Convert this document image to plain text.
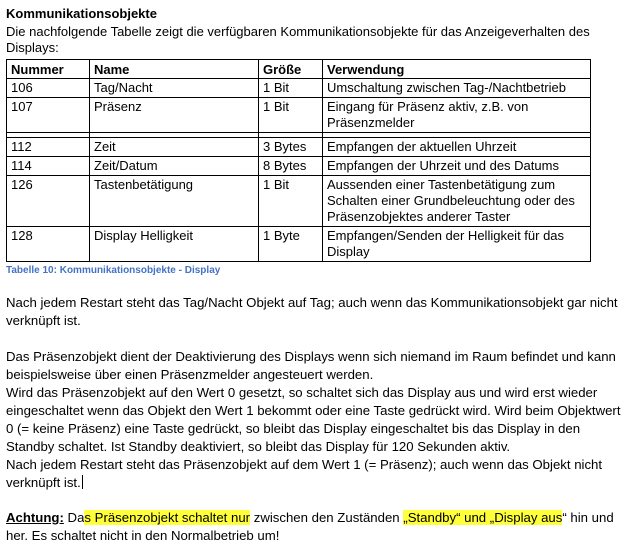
Kommunikationsobjekte
Die nachfolgende Tabelle zeigt die verfügbaren Kommunikationsobjekte für das Anzeigeverhalten des Displays:
Nummer	Name	Größe	Verwendung
106	Tag/Nacht	1 Bit	Umschaltung zwischen Tag-/Nachtbetrieb
107	Präsenz	1 Bit	Eingang für Präsenz aktiv, z.B. von Präsenzmelder

112	Zeit	3 Bytes	Empfangen der aktuellen Uhrzeit
114	Zeit/Datum	8 Bytes	Empfangen der Uhrzeit und des Datums
126	Tastenbetätigung	1 Bit	Aussenden einer Tastenbetätigung zum Schalten einer Grundbeleuchtung oder des Präsenzobjektes anderer Taster
128	Display Helligkeit	1 Byte	Empfangen/Senden der Helligkeit für das Display
Tabelle 10: Kommunikationsobjekte - Display

Nach jedem Restart steht das Tag/Nacht Objekt auf Tag; auch wenn das Kommunikationsobjekt gar nicht verknüpft ist.

Das Präsenzobjekt dient der Deaktivierung des Displays wenn sich niemand im Raum befindet und kann beispielsweise über einen Präsenzmelder angesteuert werden.
Wird das Präsenzobjekt auf den Wert 0 gesetzt, so schaltet sich das Display aus und wird erst wieder eingeschaltet wenn das Objekt den Wert 1 bekommt oder eine Taste gedrückt wird. Wird beim Objektwert 0 (= keine Präsenz) eine Taste gedrückt, so bleibt das Display eingeschaltet bis das Display in den Standby schaltet. Ist Standby deaktiviert, so bleibt das Display für 120 Sekunden aktiv.
Nach jedem Restart steht das Präsenzobjekt auf dem Wert 1 (= Präsenz); auch wenn das Objekt nicht verknüpft ist.

Achtung: Das Präsenzobjekt schaltet nur zwischen den Zuständen „Standby“ und „Display aus“ hin und her. Es schaltet nicht in den Normalbetrieb um!
